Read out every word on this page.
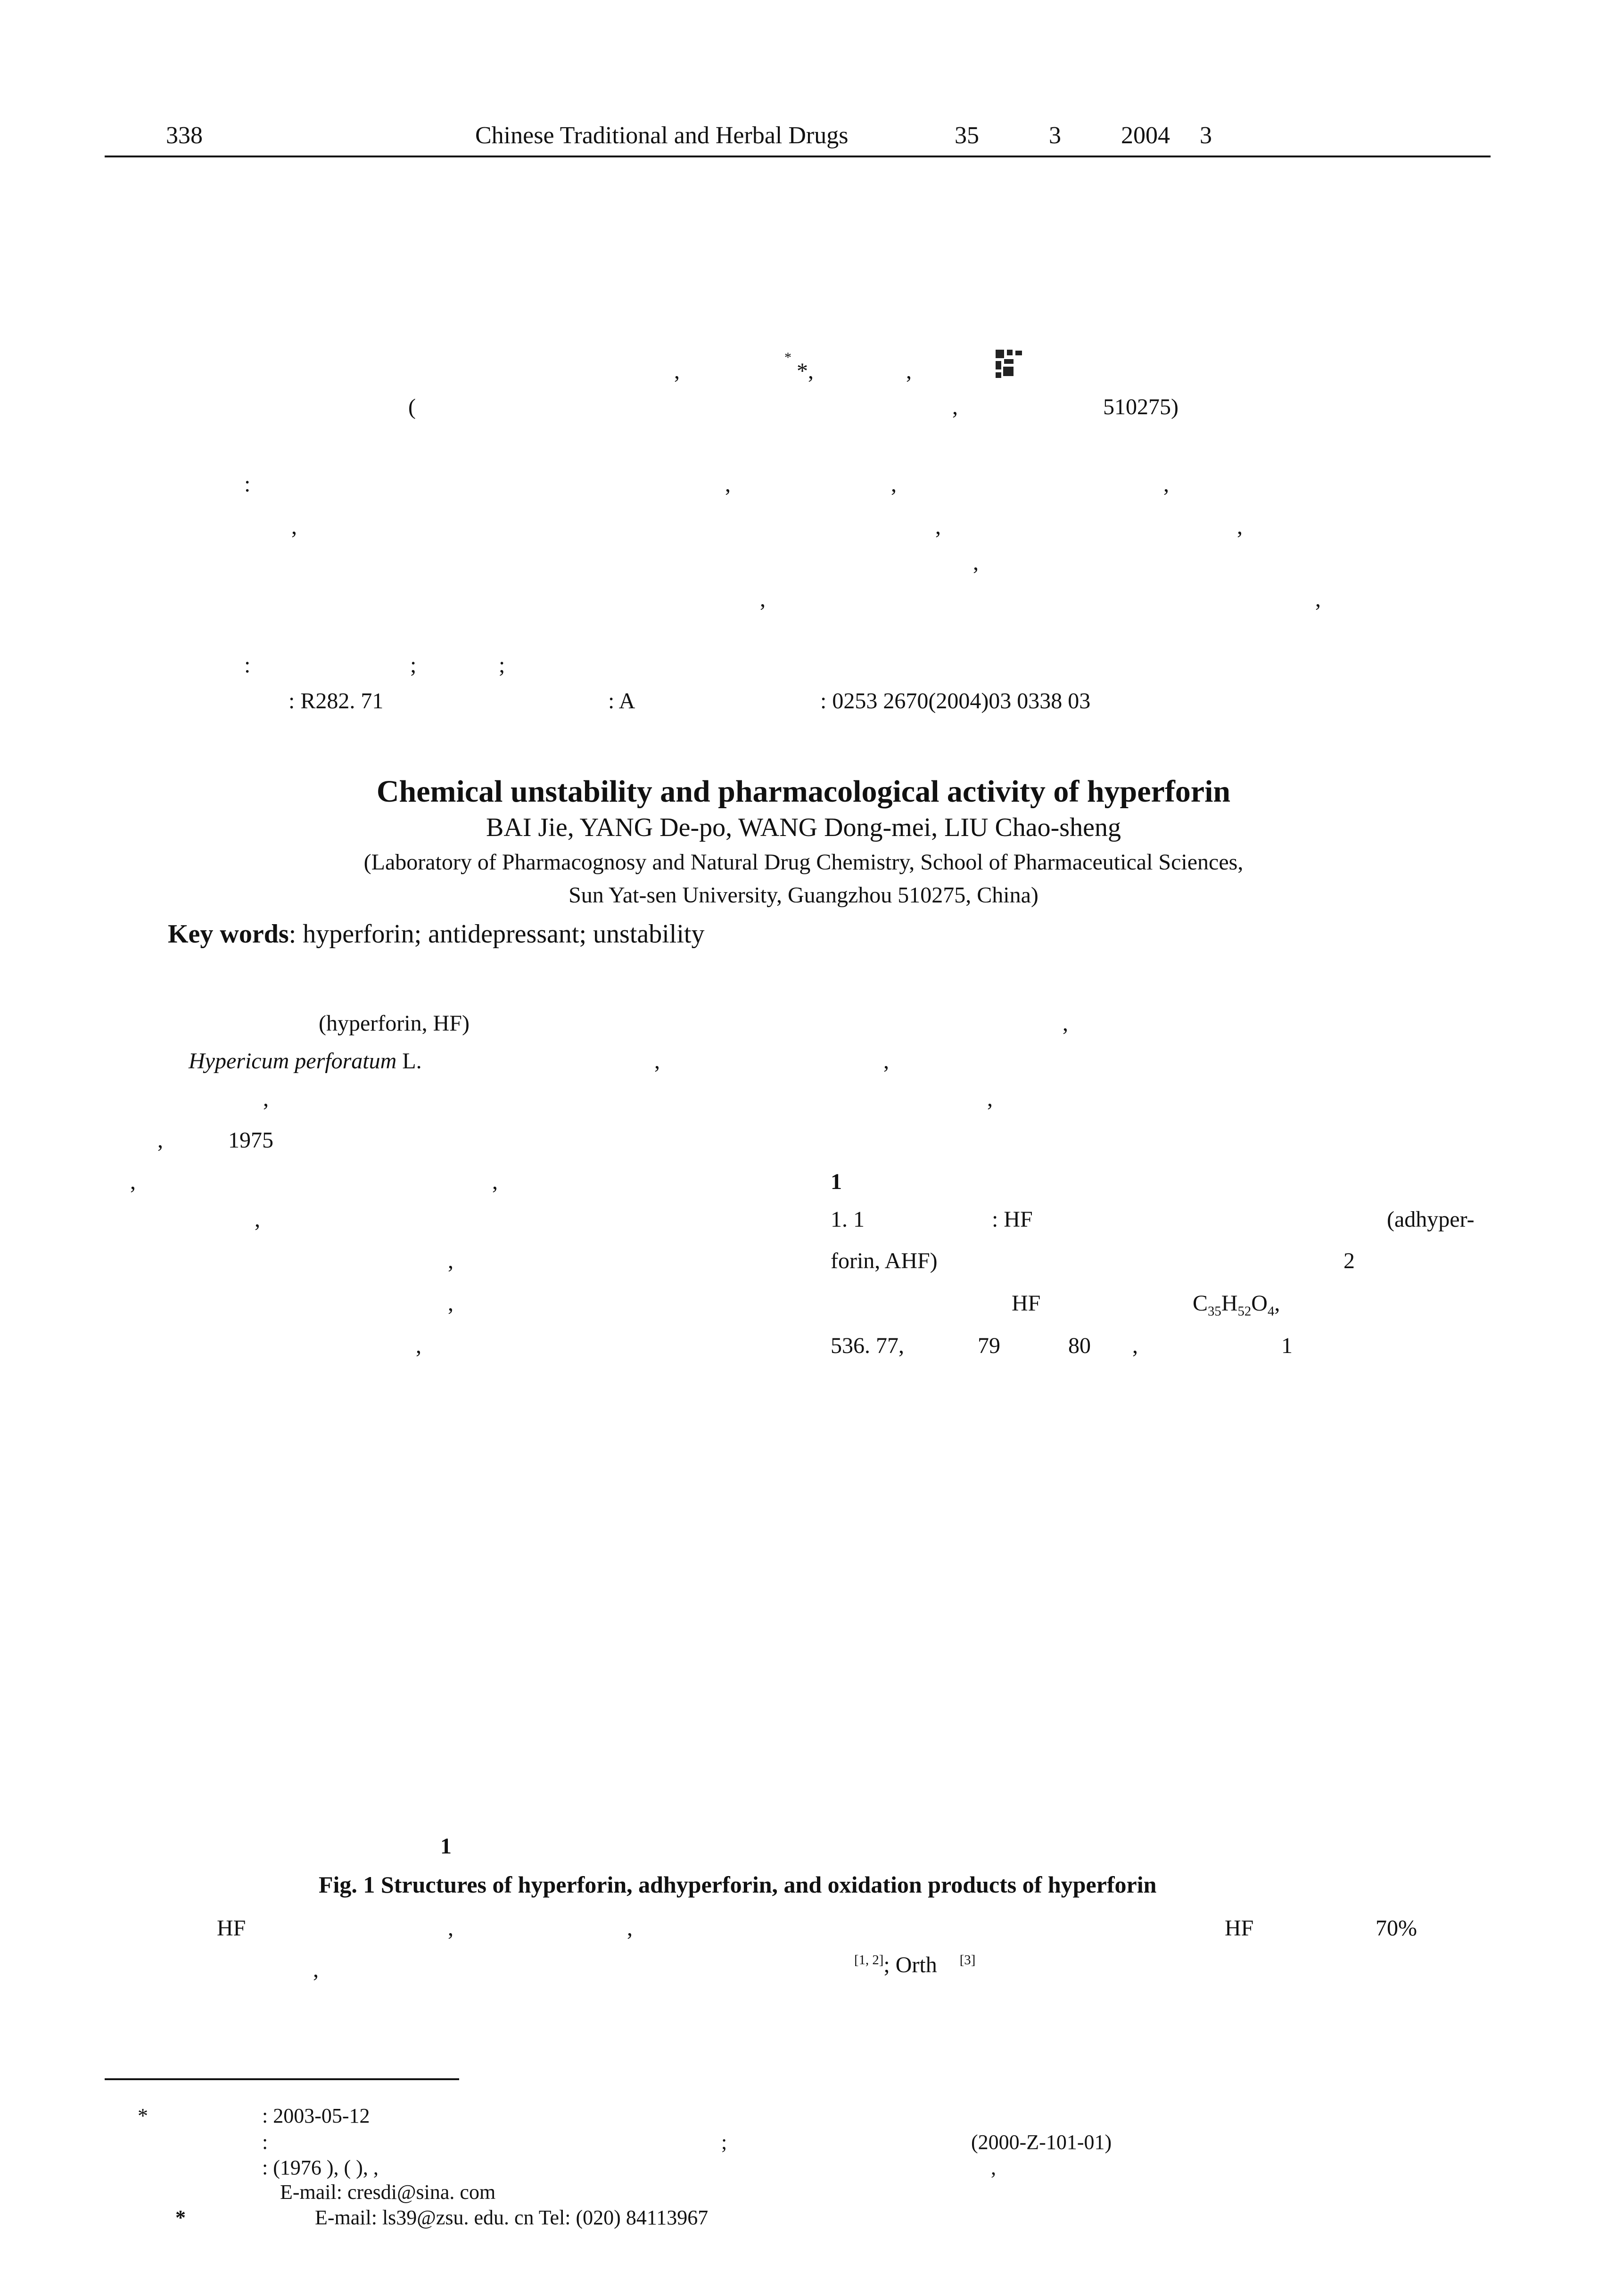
338	Chinese Traditional and Herbal Drugs	35	3 2004 3
,
*
*,	,
(	,	510275)
:	,	,	,
,	,	,
,
,	,
:	;	;
: R282. 71	: A	: 0253 2670(2004)03 0338 03
Chemical unstability and pharmacological activity of hyperforin
BAI Jie, YANG De-po, WANG Dong-mei, LIU Chao-sheng
(Laboratory of Pharmacognosy and Natural Drug Chemistry, School of Pharmaceutical Sciences,
Sun Yat-sen University, Guangzhou 510275, China)
Key words: hyperforin; antidepressant; unstability
(hyperforin, HF)	,
Hypericum perforatum L.	,	,
,	,
,	1975
,	,
,
,
,
,
1
1. 1	: HF	(adhyper-
forin, AHF)	2
HF	$C_{35}H_{52}O_4$,
536. 77,	79	80 ,	1
1
Fig. 1 Structures of hyperforin, adhyperforin, and oxidation products of hyperforin
HF	,	,	HF	70%
,	[1, 2]; Orth [3]
*	: 2003-05-12
:	;	(2000-Z-101-01)
: (1976 ), ( ), ,	,
E-mail: cresdi@sina. com
*	E-mail: ls39@zsu. edu. cn Tel: (020) 84113967
